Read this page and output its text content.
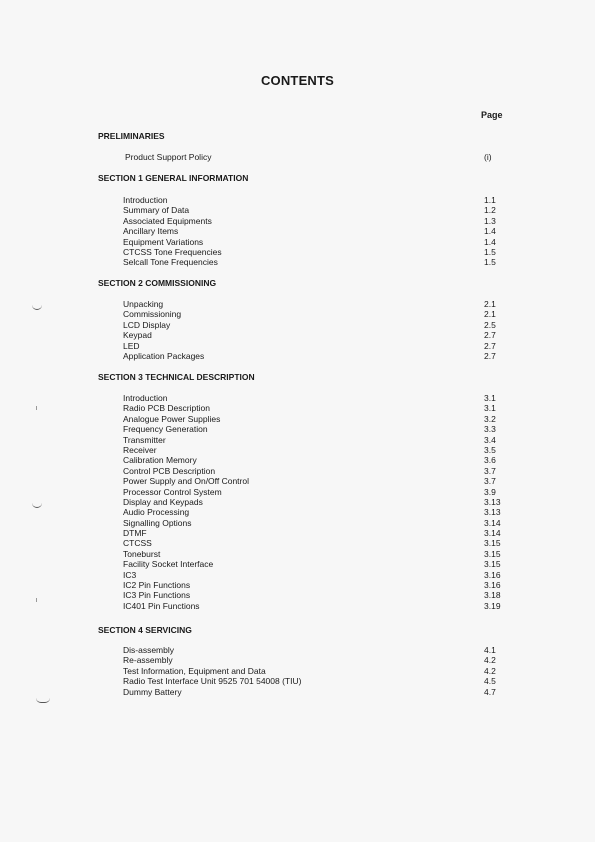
CONTENTS
Page
PRELIMINARIES
Product Support Policy	(i)
SECTION 1 GENERAL INFORMATION
Introduction	1.1
Summary of Data	1.2
Associated Equipments	1.3
Ancillary Items	1.4
Equipment Variations	1.4
CTCSS Tone Frequencies	1.5
Selcall Tone Frequencies	1.5
SECTION 2 COMMISSIONING
Unpacking	2.1
Commissioning	2.1
LCD Display	2.5
Keypad	2.7
LED	2.7
Application Packages	2.7
SECTION 3 TECHNICAL DESCRIPTION
Introduction	3.1
Radio PCB Description	3.1
Analogue Power Supplies	3.2
Frequency Generation	3.3
Transmitter	3.4
Receiver	3.5
Calibration Memory	3.6
Control PCB Description	3.7
Power Supply and On/Off Control	3.7
Processor Control System	3.9
Display and Keypads	3.13
Audio Processing	3.13
Signalling Options	3.14
DTMF	3.14
CTCSS	3.15
Toneburst	3.15
Facility Socket Interface	3.15
IC3	3.16
IC2 Pin Functions	3.16
IC3 Pin Functions	3.18
IC401 Pin Functions	3.19
SECTION 4 SERVICING
Dis-assembly	4.1
Re-assembly	4.2
Test Information, Equipment and Data	4.2
Radio Test Interface Unit 9525 701 54008 (TIU)	4.5
Dummy Battery	4.7
